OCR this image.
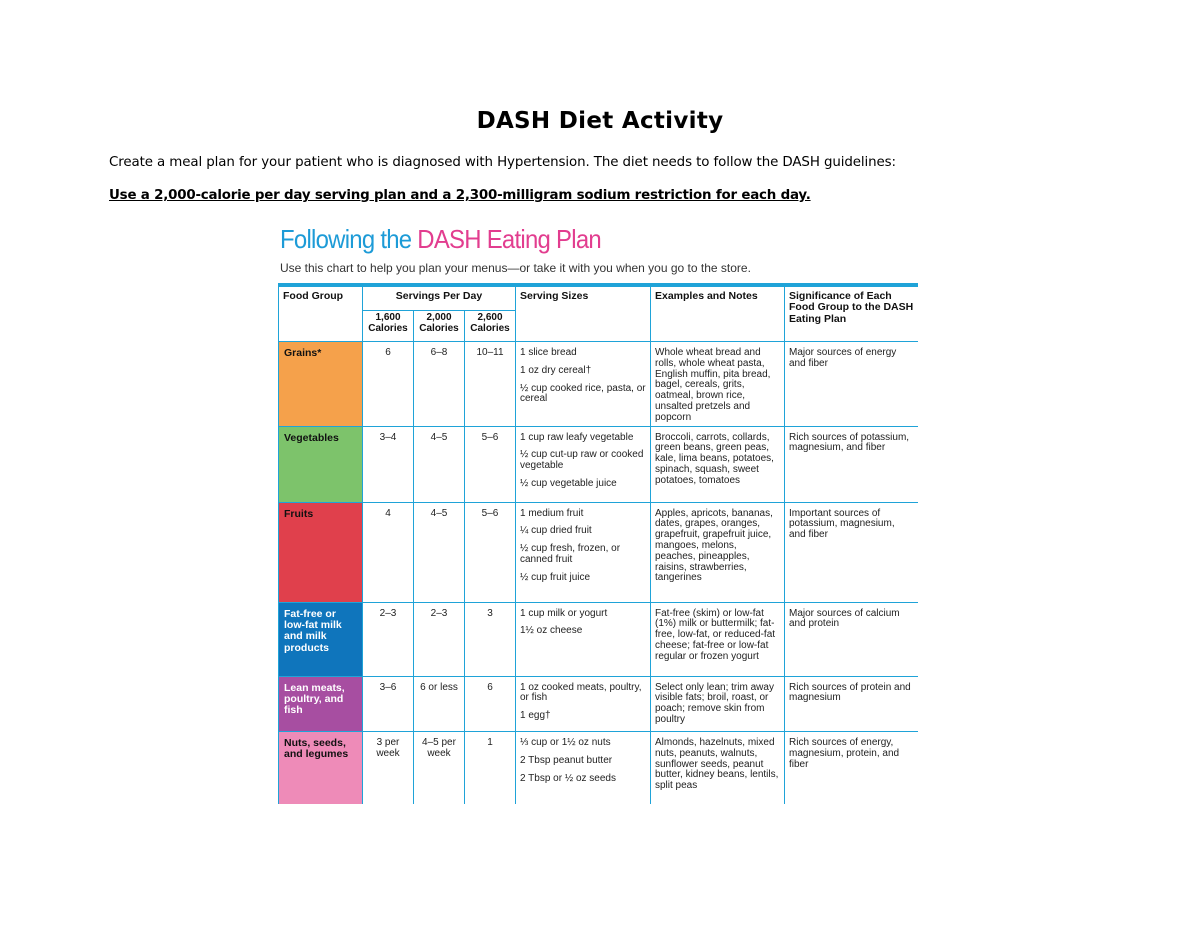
DASH Diet Activity
Create a meal plan for your patient who is diagnosed with Hypertension. The diet needs to follow the DASH guidelines:
Use a 2,000-calorie per day serving plan and a 2,300-milligram sodium restriction for each day.
Following the DASH Eating Plan
Use this chart to help you plan your menus—or take it with you when you go to the store.
Food Group	Servings Per Day			Serving Sizes	Examples and Notes	Significance of Each Food Group to the DASH Eating Plan
	1,600 Calories	2,000 Calories	2,600 Calories			
Grains*	6	6–8	10–11	1 slice bread
1 oz dry cereal†
½ cup cooked rice, pasta, or cereal	Whole wheat bread and rolls, whole wheat pasta, English muffin, pita bread, bagel, cereals, grits, oatmeal, brown rice, unsalted pretzels and popcorn	Major sources of energy and fiber
Vegetables	3–4	4–5	5–6	1 cup raw leafy vegetable
½ cup cut-up raw or cooked vegetable
½ cup vegetable juice	Broccoli, carrots, collards, green beans, green peas, kale, lima beans, potatoes, spinach, squash, sweet potatoes, tomatoes	Rich sources of potassium, magnesium, and fiber
Fruits	4	4–5	5–6	1 medium fruit
¼ cup dried fruit
½ cup fresh, frozen, or canned fruit
½ cup fruit juice	Apples, apricots, bananas, dates, grapes, oranges, grapefruit, grapefruit juice, mangoes, melons, peaches, pineapples, raisins, strawberries, tangerines	Important sources of potassium, magnesium, and fiber
Fat-free or low-fat milk and milk products	2–3	2–3	3	1 cup milk or yogurt
1½ oz cheese	Fat-free (skim) or low-fat (1%) milk or buttermilk; fat-free, low-fat, or reduced-fat cheese; fat-free or low-fat regular or frozen yogurt	Major sources of calcium and protein
Lean meats, poultry, and fish	3–6	6 or less	6	1 oz cooked meats, poultry, or fish
1 egg†	Select only lean; trim away visible fats; broil, roast, or poach; remove skin from poultry	Rich sources of protein and magnesium
Nuts, seeds, and legumes	3 per week	4–5 per week	1	⅓ cup or 1½ oz nuts
2 Tbsp peanut butter
2 Tbsp or ½ oz seeds	Almonds, hazelnuts, mixed nuts, peanuts, walnuts, sunflower seeds, peanut butter, kidney beans, lentils, split peas	Rich sources of energy, magnesium, protein, and fiber
